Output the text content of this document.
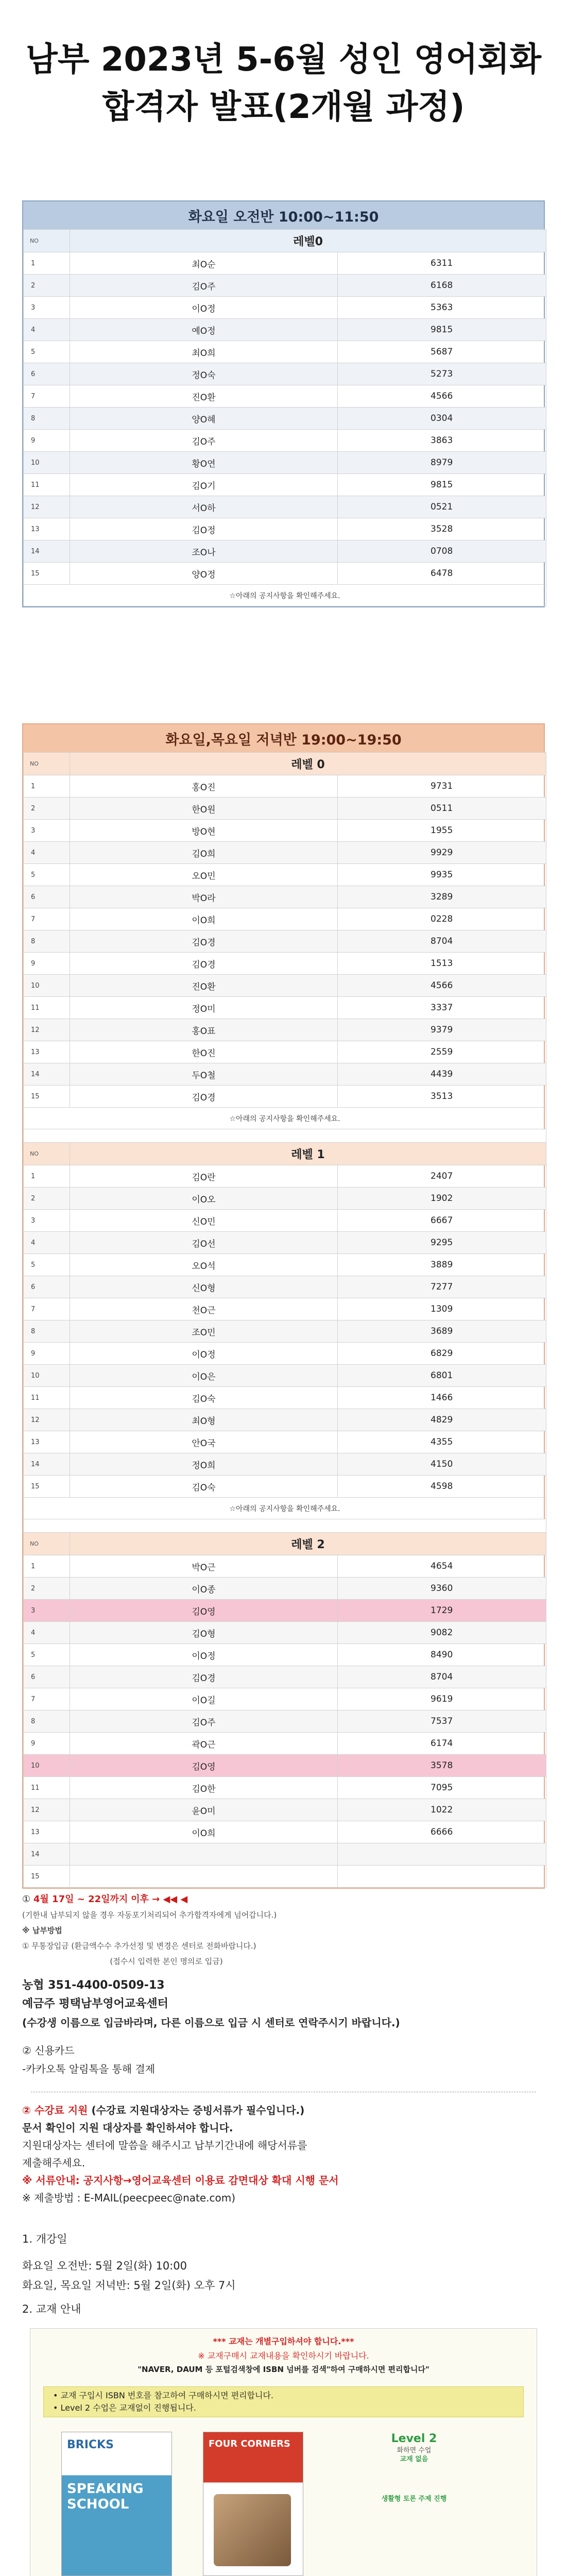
남부 2023년 5-6월 성인 영어회화
합격자 발표(2개월 과정)
화요일 오전반 10:00~11:50
NO	레벨0	
1	최O순	6311
2	김O주	6168
3	이O정	5363
4	예O정	9815
5	최O희	5687
6	정O숙	5273
7	진O환	4566
8	양O혜	0304
9	김O주	3863
10	황O연	8979
11	김O기	9815
12	서O하	0521
13	김O정	3528
14	조O나	0708
15	양O정	6478
☆아래의 공지사항을 확인해주세요.		
화요일,목요일 저녁반 19:00~19:50
NO	레벨 0	
1	홍O진	9731
2	한O원	0511
3	방O현	1955
4	김O희	9929
5	오O민	9935
6	박O라	3289
7	이O희	0228
8	김O경	8704
9	김O경	1513
10	진O환	4566
11	정O미	3337
12	홍O표	9379
13	한O진	2559
14	두O철	4439
15	김O경	3513
☆아래의 공지사항을 확인해주세요.		

NO	레벨 1	
1	김O란	2407
2	이O오	1902
3	신O민	6667
4	김O선	9295
5	오O석	3889
6	신O형	7277
7	천O근	1309
8	조O민	3689
9	이O정	6829
10	이O은	6801
11	김O숙	1466
12	최O형	4829
13	안O국	4355
14	정O희	4150
15	김O숙	4598
☆아래의 공지사항을 확인해주세요.		

NO	레벨 2	
1	박O근	4654
2	이O종	9360
3	김O영	1729
4	김O형	9082
5	이O정	8490
6	김O경	8704
7	이O길	9619
8	김O주	7537
9	곽O근	6174
10	김O영	3578
11	김O한	7095
12	윤O미	1022
13	이O희	6666
14		
15		
① 4월 17일 ~ 22일까지 이후 → ◀◀ ◀
(기한내 납부되지 않을 경우 자동포기처리되어 추가합격자에게 넘어갑니다.)
※ 납부방법
① 무통장입금 (환급액수수 추가선정 및 변경은 센터로 전화바랍니다.)
(접수시 입력한 본인 명의로 입금)
농협 351-4400-0509-13
예금주 평택남부영어교육센터
(수강생 이름으로 입금바라며, 다른 이름으로 입금 시 센터로 연락주시기 바랍니다.)
② 신용카드
-카카오톡 알림톡을 통해 결제
② 수강료 지원 (수강료 지원대상자는 증빙서류가 필수입니다.)
문서 확인이 지원 대상자를 확인하셔야 합니다.
지원대상자는 센터에 말씀을 해주시고 납부기간내에 해당서류를
제출해주세요.
※ 서류안내: 공지사항→영어교육센터 이용료 감면대상 확대 시행 문서
※ 제출방법 : E-MAIL(peecpeec@nate.com)
1. 개강일
화요일 오전반: 5월 2일(화) 10:00
화요일, 목요일 저녁반: 5월 2일(화) 오후 7시
2. 교재 안내
*** 교재는 개별구입하셔야 합니다.***
※ 교재구매시 교재내용을 확인하시기 바랍니다.
"NAVER, DAUM 등 포털검색창에 ISBN 넘버를 검색"하여 구매하시면 편리합니다"
• 교재 구입시 ISBN 번호를 참고하여 구매하시면 편리합니다.
• Level 2 수업은 교재없이 진행됩니다.
BRICKS
SPEAKING SCHOOL
FOUR CORNERS	Level 2
화하면 수업
교재 없음
생활형 토론 주제 진행
